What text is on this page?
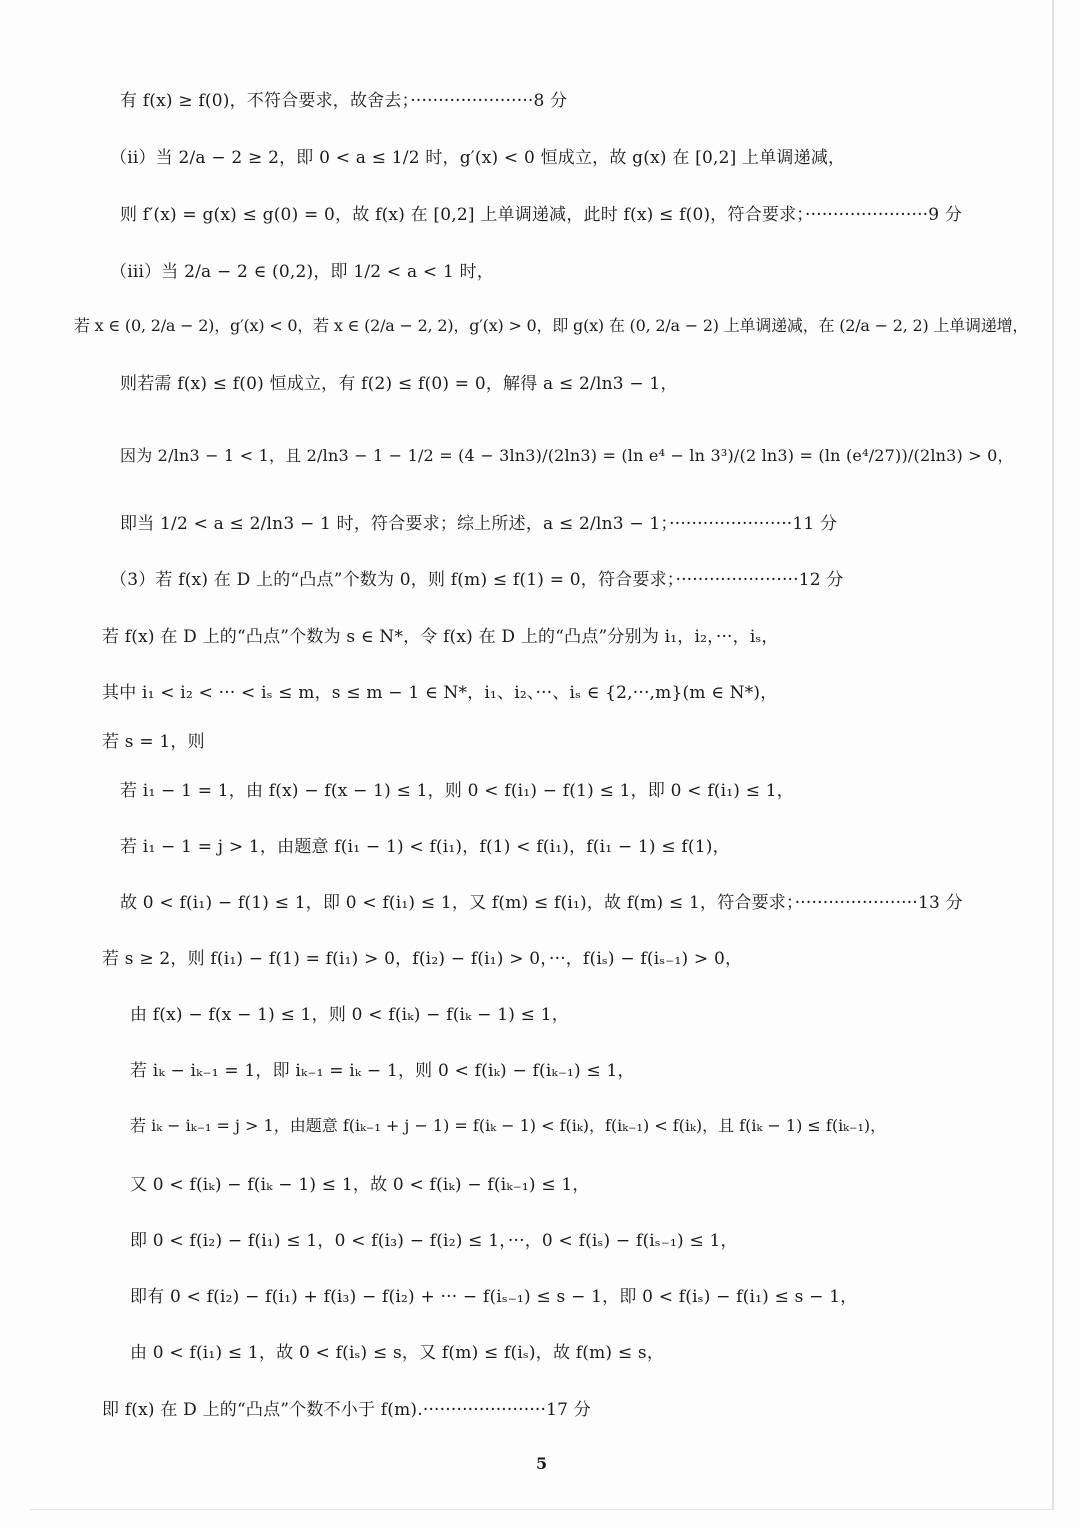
有 f(x) ≥ f(0)，不符合要求，故舍去；······················8 分
（ii）当 2/a − 2 ≥ 2，即 0 < a ≤ 1/2 时，g′(x) < 0 恒成立，故 g(x) 在 [0,2] 上单调递减，
则 f′(x) = g(x) ≤ g(0) = 0，故 f(x) 在 [0,2] 上单调递减，此时 f(x) ≤ f(0)，符合要求；······················9 分
（iii）当 2/a − 2 ∈ (0,2)，即 1/2 < a < 1 时，
若 x ∈ (0, 2/a − 2)，g′(x) < 0，若 x ∈ (2/a − 2, 2)，g′(x) > 0，即 g(x) 在 (0, 2/a − 2) 上单调递减，在 (2/a − 2, 2) 上单调递增，
则若需 f(x) ≤ f(0) 恒成立，有 f(2) ≤ f(0) = 0，解得 a ≤ 2/ln3 − 1，
因为 2/ln3 − 1 < 1，且 2/ln3 − 1 − 1/2 = (4 − 3ln3)/(2ln3) = (ln e⁴ − ln 3³)/(2 ln3) = (ln (e⁴/27))/(2ln3) > 0，
即当 1/2 < a ≤ 2/ln3 − 1 时，符合要求；综上所述，a ≤ 2/ln3 − 1；······················11 分
（3）若 f(x) 在 D 上的“凸点”个数为 0，则 f(m) ≤ f(1) = 0，符合要求；······················12 分
若 f(x) 在 D 上的“凸点”个数为 s ∈ N*，令 f(x) 在 D 上的“凸点”分别为 i₁，i₂，···，iₛ，
其中 i₁ < i₂ < ··· < iₛ ≤ m，s ≤ m − 1 ∈ N*，i₁、i₂、···、iₛ ∈ {2,···,m}(m ∈ N*)，
若 s = 1，则
若 i₁ − 1 = 1，由 f(x) − f(x − 1) ≤ 1，则 0 < f(i₁) − f(1) ≤ 1，即 0 < f(i₁) ≤ 1，
若 i₁ − 1 = j > 1，由题意 f(i₁ − 1) < f(i₁)，f(1) < f(i₁)，f(i₁ − 1) ≤ f(1)，
故 0 < f(i₁) − f(1) ≤ 1，即 0 < f(i₁) ≤ 1，又 f(m) ≤ f(i₁)，故 f(m) ≤ 1，符合要求；······················13 分
若 s ≥ 2，则 f(i₁) − f(1) = f(i₁) > 0，f(i₂) − f(i₁) > 0，···，f(iₛ) − f(iₛ₋₁) > 0，
由 f(x) − f(x − 1) ≤ 1，则 0 < f(iₖ) − f(iₖ − 1) ≤ 1，
若 iₖ − iₖ₋₁ = 1，即 iₖ₋₁ = iₖ − 1，则 0 < f(iₖ) − f(iₖ₋₁) ≤ 1，
若 iₖ − iₖ₋₁ = j > 1，由题意 f(iₖ₋₁ + j − 1) = f(iₖ − 1) < f(iₖ)，f(iₖ₋₁) < f(iₖ)，且 f(iₖ − 1) ≤ f(iₖ₋₁)，
又 0 < f(iₖ) − f(iₖ − 1) ≤ 1，故 0 < f(iₖ) − f(iₖ₋₁) ≤ 1，
即 0 < f(i₂) − f(i₁) ≤ 1，0 < f(i₃) − f(i₂) ≤ 1，···，0 < f(iₛ) − f(iₛ₋₁) ≤ 1，
即有 0 < f(i₂) − f(i₁) + f(i₃) − f(i₂) + ··· − f(iₛ₋₁) ≤ s − 1，即 0 < f(iₛ) − f(i₁) ≤ s − 1，
由 0 < f(i₁) ≤ 1，故 0 < f(iₛ) ≤ s，又 f(m) ≤ f(iₛ)，故 f(m) ≤ s，
即 f(x) 在 D 上的“凸点”个数不小于 f(m).······················17 分
5
